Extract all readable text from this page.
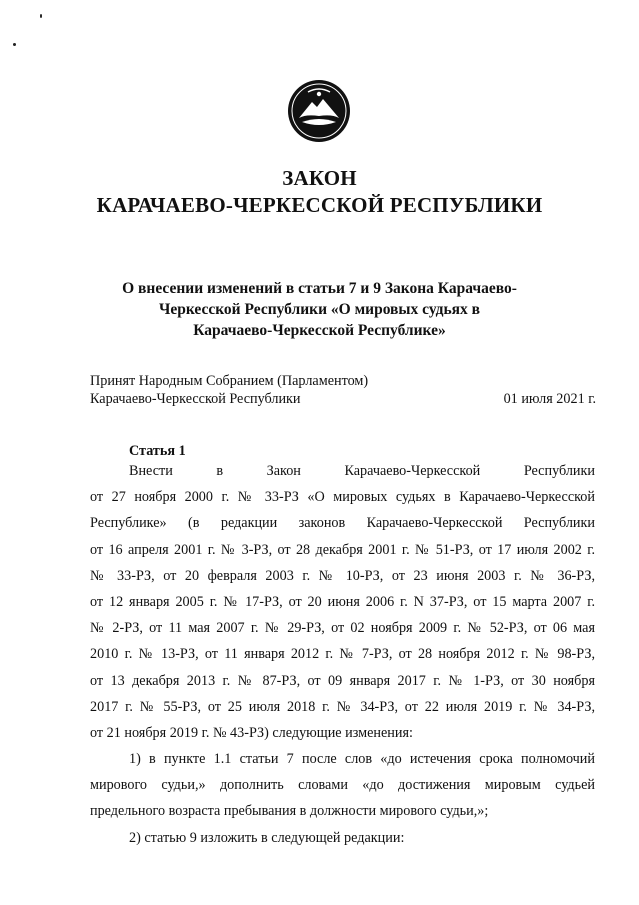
ЗАКОН
КАРАЧАЕВО-ЧЕРКЕССКОЙ РЕСПУБЛИКИ
О внесении изменений в статьи 7 и 9 Закона Карачаево-
Черкесской Республики «О мировых судьях в
Карачаево-Черкесской Республике»
Принят Народным Собранием (Парламентом)
Карачаево-Черкесской Республики	01 июля 2021 г.
Статья 1
Внести в Закон Карачаево-Черкесской Республики
от 27 ноября 2000 г. № 33-РЗ «О мировых судьях в Карачаево-Черкесской
Республике» (в редакции законов Карачаево-Черкесской Республики
от 16 апреля 2001 г. № 3-РЗ, от 28 декабря 2001 г. № 51-РЗ, от 17 июля 2002 г.
№ 33-РЗ, от 20 февраля 2003 г. № 10-РЗ, от 23 июня 2003 г. № 36-РЗ,
от 12 января 2005 г. № 17-РЗ, от 20 июня 2006 г. N 37-РЗ, от 15 марта 2007 г.
№ 2-РЗ, от 11 мая 2007 г. № 29-РЗ, от 02 ноября 2009 г. № 52-РЗ, от 06 мая
2010 г. № 13-РЗ, от 11 января 2012 г. № 7-РЗ, от 28 ноября 2012 г. № 98-РЗ,
от 13 декабря 2013 г. № 87-РЗ, от 09 января 2017 г. № 1-РЗ, от 30 ноября
2017 г. № 55-РЗ, от 25 июля 2018 г. № 34-РЗ, от 22 июля 2019 г. № 34-РЗ,
от 21 ноября 2019 г. № 43-РЗ) следующие изменения:
1) в пункте 1.1 статьи 7 после слов «до истечения срока полномочий
мирового судьи,» дополнить словами «до достижения мировым судьей
предельного возраста пребывания в должности мирового судьи,»;
2) статью 9 изложить в следующей редакции:
